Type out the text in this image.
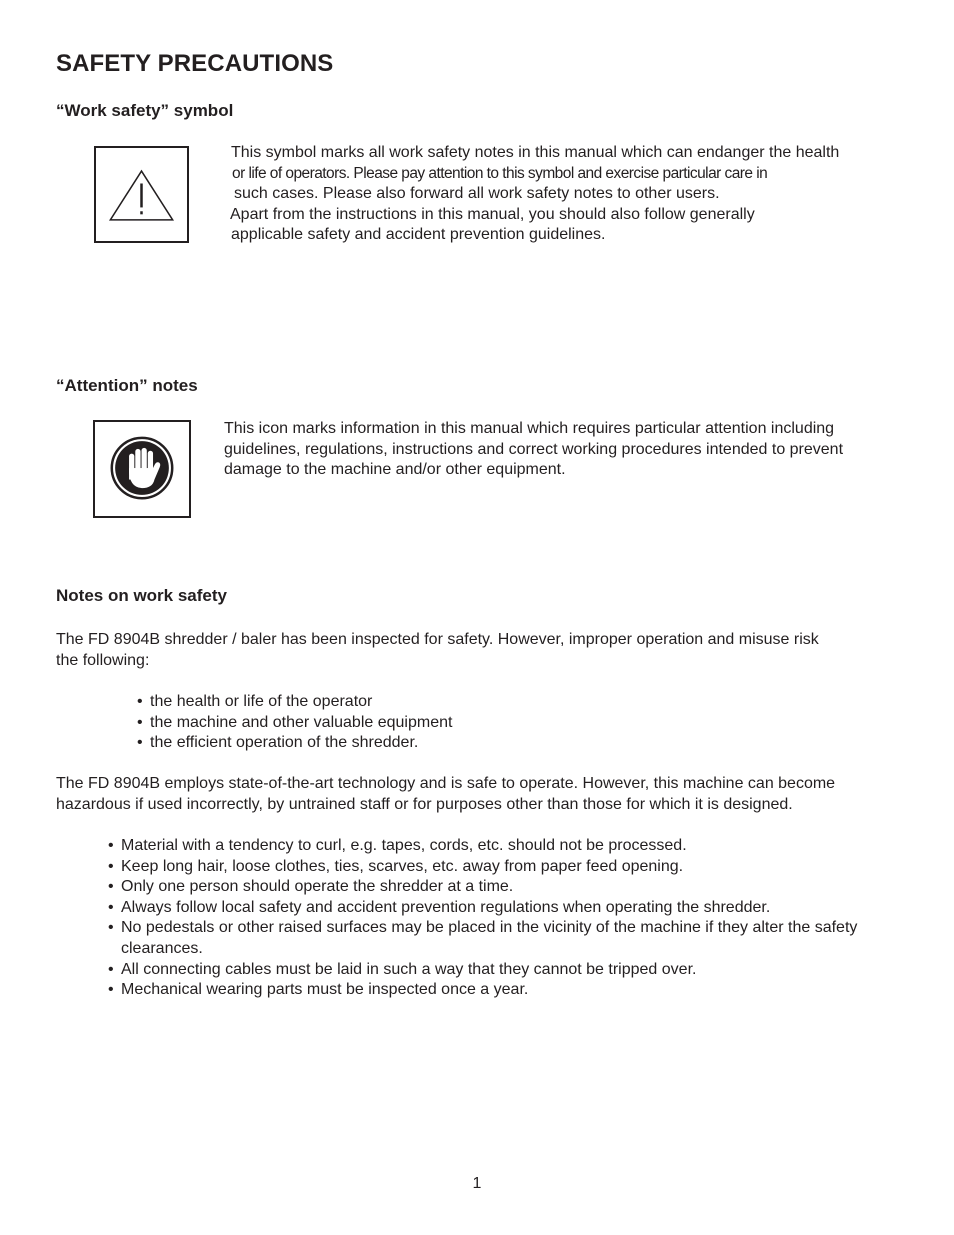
SAFETY PRECAUTIONS
“Work safety” symbol
This symbol marks all work safety notes in this manual which can endanger the health
or life of operators. Please pay attention to this symbol and exercise particular care in
such cases. Please also forward all work safety notes to other users.
Apart from the instructions in this manual, you should also follow generally
applicable safety and accident prevention guidelines.
“Attention” notes
This icon marks information in this manual which requires particular attention including
guidelines, regulations, instructions and correct working procedures intended to prevent
damage to the machine and/or other equipment.
Notes on work safety
The FD 8904B shredder / baler has been inspected for safety. However, improper operation and misuse risk
the following:
• the health or life of the operator
• the machine and other valuable equipment
• the efficient operation of the shredder.
The FD 8904B employs state-of-the-art technology and is safe to operate. However, this machine can become
hazardous if used incorrectly, by untrained staff or for purposes other than those for which it is designed.
• Material with a tendency to curl, e.g. tapes, cords, etc. should not be processed.
• Keep long hair, loose clothes, ties, scarves, etc. away from paper feed opening.
• Only one person should operate the shredder at a time.
• Always follow local safety and accident prevention regulations when operating the shredder.
• No pedestals or other raised surfaces may be placed in the vicinity of the machine if they alter the safety clearances.
• All connecting cables must be laid in such a way that they cannot be tripped over.
• Mechanical wearing parts must be inspected once a year.
1
